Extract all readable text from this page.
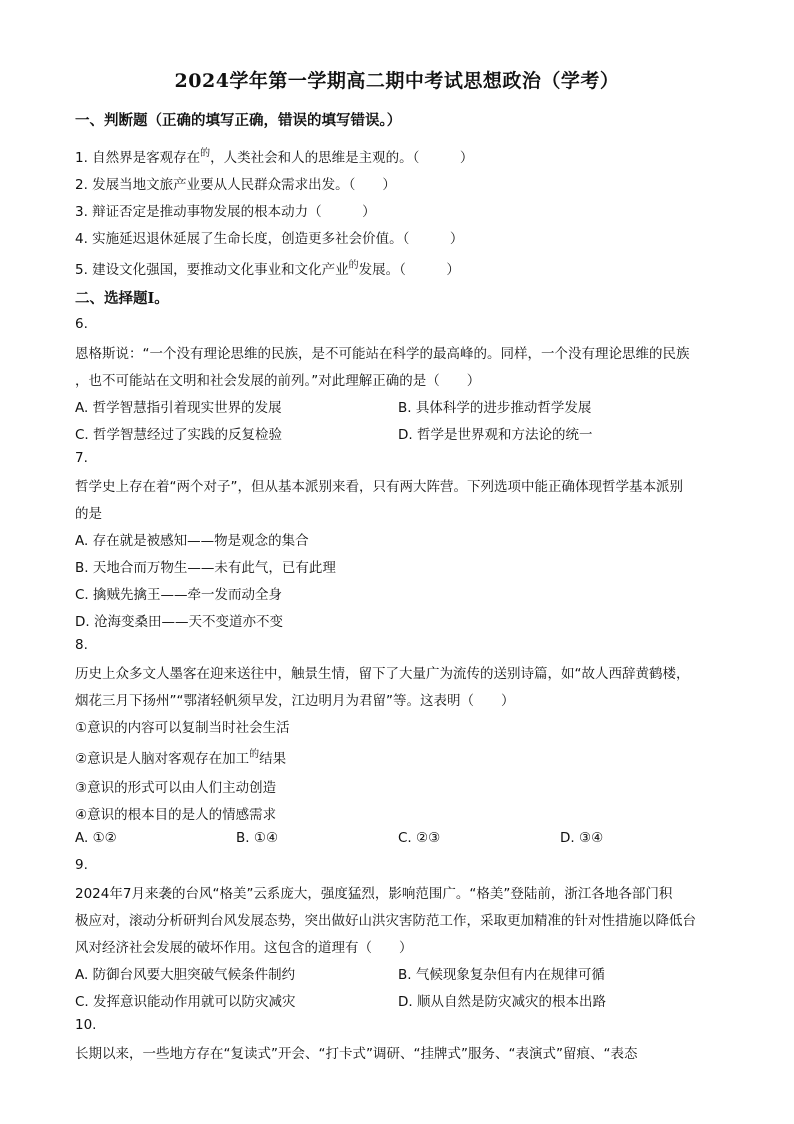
2024学年第一学期高二期中考试思想政治（学考）
一、判断题（正确的填写正确，错误的填写错误。）
1. 自然界是客观存在$^的$，人类社会和人的思维是主观的。（　　　）
2. 发展当地文旅产业要从人民群众需求出发。（　　）
3. 辩证否定是推动事物发展的根本动力（　　　）
4. 实施延迟退休延展了生命长度，创造更多社会价值。（　　　）
5. 建设文化强国，要推动文化事业和文化产业$^的$发展。（　　　）
二、选择题Ⅰ。
6.
恩格斯说：“一个没有理论思维的民族，是不可能站在科学的最高峰的。同样，一个没有理论思维的民族
，也不可能站在文明和社会发展的前列。”对此理解正确的是（　　）
A. 哲学智慧指引着现实世界的发展	B. 具体科学的进步推动哲学发展
C. 哲学智慧经过了实践的反复检验	D. 哲学是世界观和方法论的统一
7.
哲学史上存在着“两个对子”，但从基本派别来看，只有两大阵营。下列选项中能正确体现哲学基本派别
的是
A. 存在就是被感知——物是观念的集合
B. 天地合而万物生——未有此气，已有此理
C. 擒贼先擒王——牵一发而动全身
D. 沧海变桑田——天不变道亦不变
8.
历史上众多文人墨客在迎来送往中，触景生情，留下了大量广为流传的送别诗篇，如“故人西辞黄鹤楼，
烟花三月下扬州”“鄂渚轻帆须早发，江边明月为君留”等。这表明（　　）
①意识的内容可以复制当时社会生活
②意识是人脑对客观存在加工$^的$结果
③意识的形式可以由人们主动创造
④意识的根本目的是人的情感需求
A. ①②	B. ①④	C. ②③	D. ③④
9.
2024年7月来袭的台风“格美”云系庞大，强度猛烈，影响范围广。“格美”登陆前，浙江各地各部门积
极应对，滚动分析研判台风发展态势，突出做好山洪灾害防范工作，采取更加精准的针对性措施以降低台
风对经济社会发展的破坏作用。这包含的道理有（　　）
A. 防御台风要大胆突破气候条件制约	B. 气候现象复杂但有内在规律可循
C. 发挥意识能动作用就可以防灾减灾	D. 顺从自然是防灾减灾的根本出路
10.
长期以来，一些地方存在“复读式”开会、“打卡式”调研、“挂牌式”服务、“表演式”留痕、“表态
